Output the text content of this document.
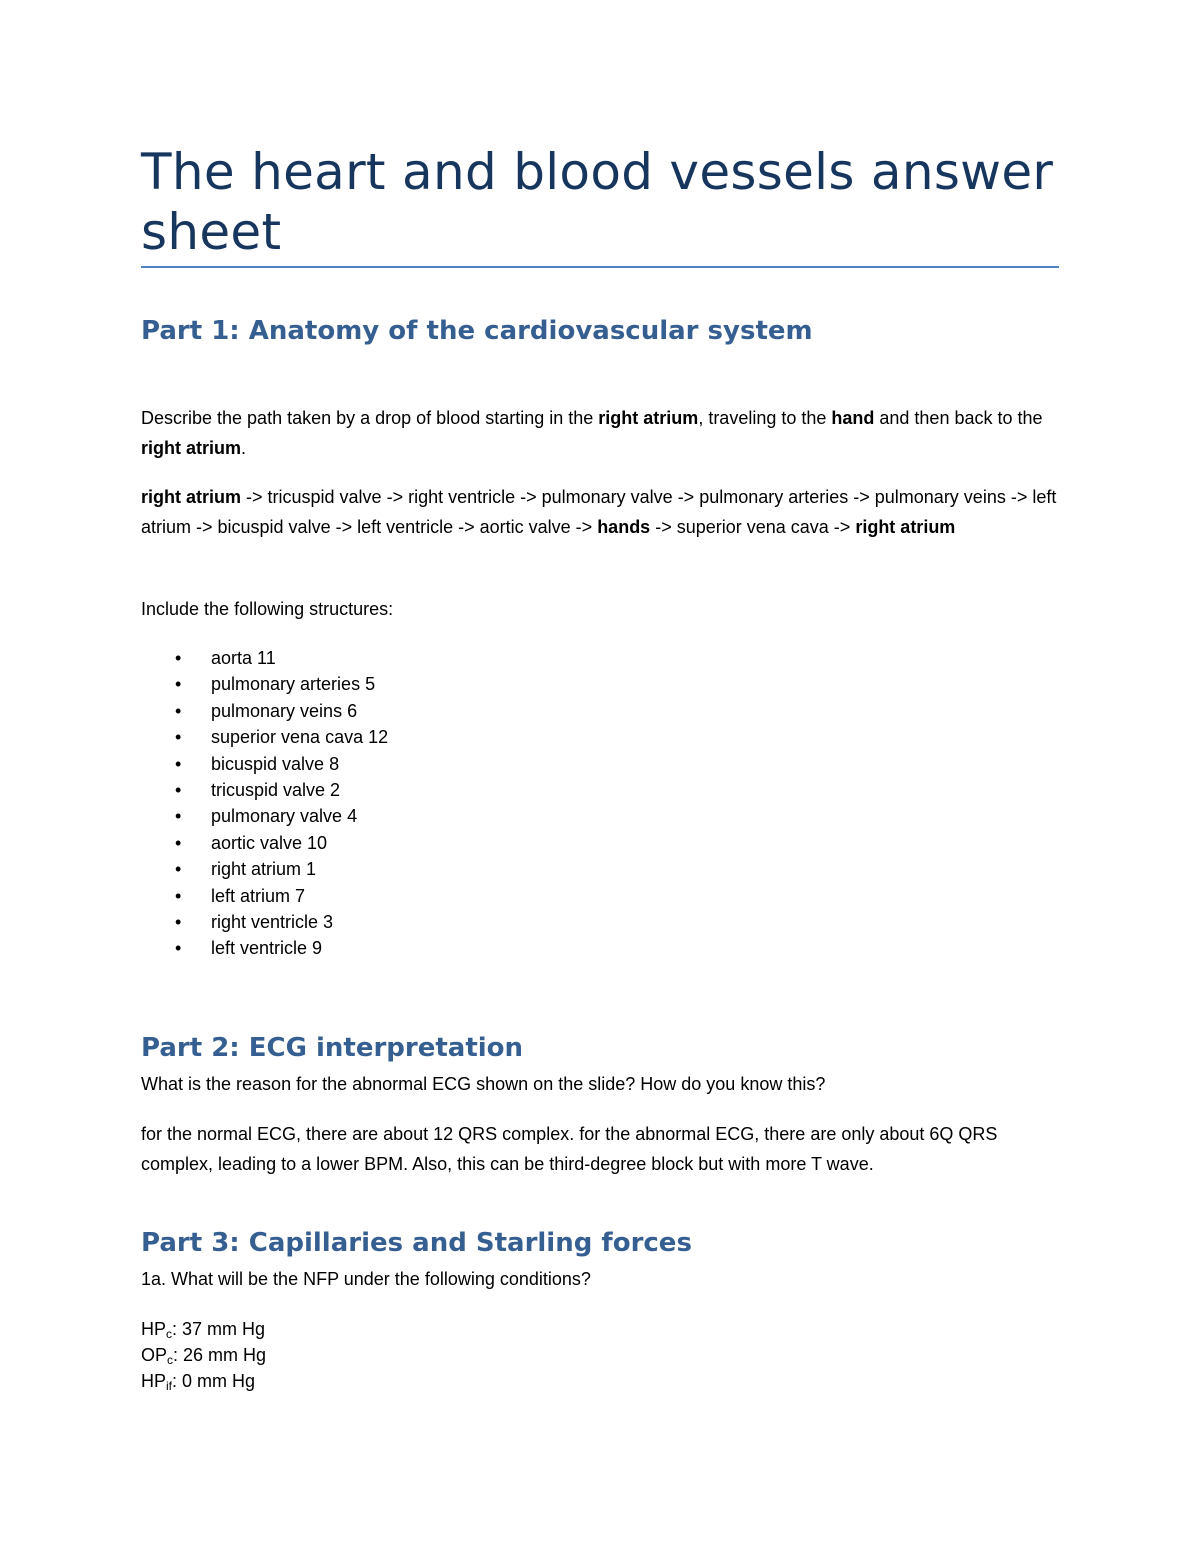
The heart and blood vessels answer sheet
Part 1: Anatomy of the cardiovascular system

Describe the path taken by a drop of blood starting in the right atrium, traveling to the hand and then back to the right atrium.

right atrium -> tricuspid valve -> right ventricle -> pulmonary valve -> pulmonary arteries -> pulmonary veins -> left atrium -> bicuspid valve -> left ventricle -> aortic valve -> hands -> superior vena cava -> right atrium

Include the following structures:

• aorta 11
• pulmonary arteries 5
• pulmonary veins 6
• superior vena cava 12
• bicuspid valve 8
• tricuspid valve 2
• pulmonary valve 4
• aortic valve 10
• right atrium 1
• left atrium 7
• right ventricle 3
• left ventricle 9
Part 2: ECG interpretation

What is the reason for the abnormal ECG shown on the slide? How do you know this?

for the normal ECG, there are about 12 QRS complex. for the abnormal ECG, there are only about 6Q QRS complex, leading to a lower BPM. Also, this can be third-degree block but with more T wave.

Part 3: Capillaries and Starling forces

1a. What will be the NFP under the following conditions?

$HP_c$: 37 mm Hg

$OP_c$: 26 mm Hg

$HP_{if}$: 0 mm Hg
